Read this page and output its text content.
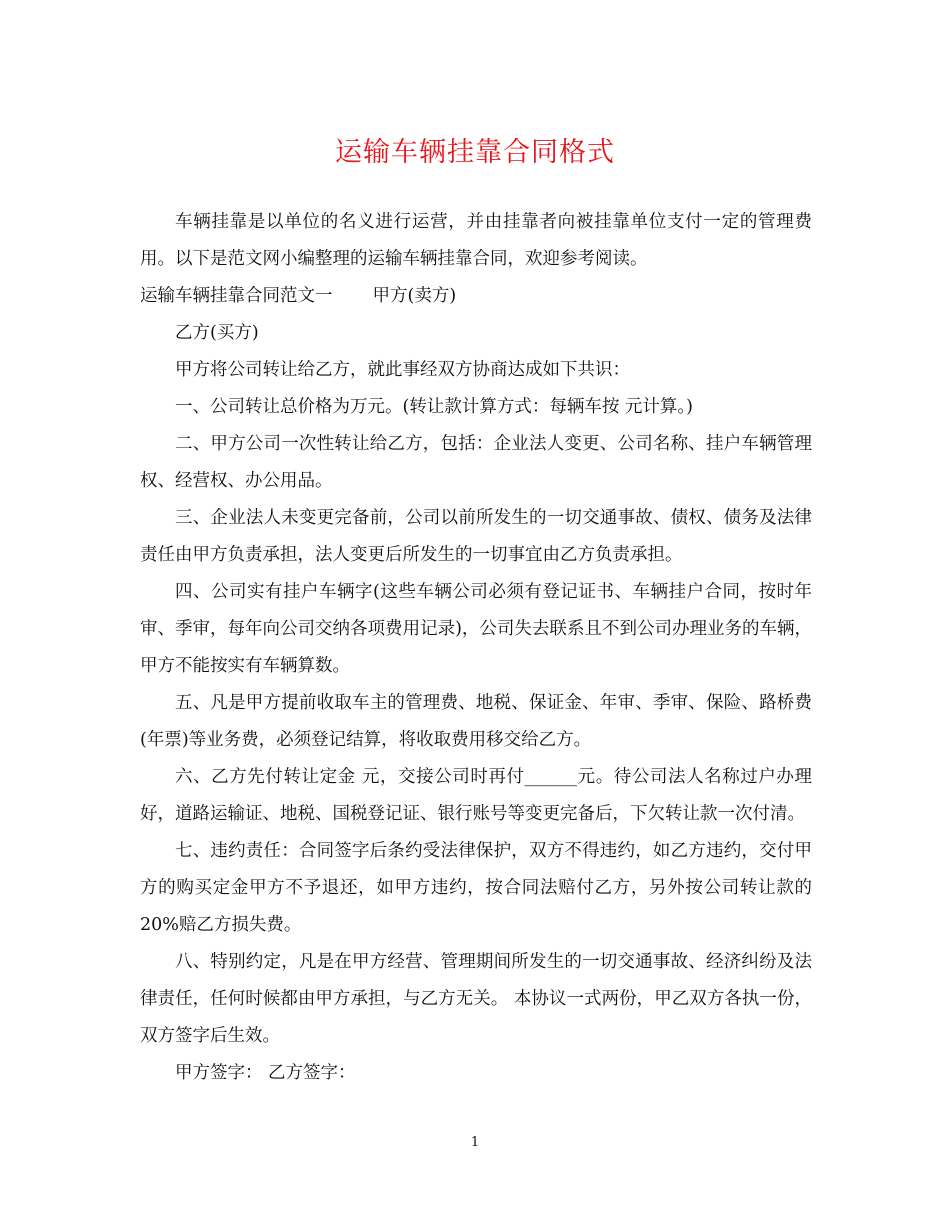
运输车辆挂靠合同格式

车辆挂靠是以单位的名义进行运营，并由挂靠者向被挂靠单位支付一定的管理费用。以下是范文网小编整理的运输车辆挂靠合同，欢迎参考阅读。

运输车辆挂靠合同范文一 甲方(卖方)

乙方(买方)

甲方将公司转让给乙方，就此事经双方协商达成如下共识：

一、公司转让总价格为万元。(转让款计算方式：每辆车按 元计算。)

二、甲方公司一次性转让给乙方，包括：企业法人变更、公司名称、挂户车辆管理权、经营权、办公用品。

三、企业法人未变更完备前，公司以前所发生的一切交通事故、债权、债务及法律责任由甲方负责承担，法人变更后所发生的一切事宜由乙方负责承担。

四、公司实有挂户车辆字(这些车辆公司必须有登记证书、车辆挂户合同，按时年审、季审，每年向公司交纳各项费用记录)，公司失去联系且不到公司办理业务的车辆，甲方不能按实有车辆算数。

五、凡是甲方提前收取车主的管理费、地税、保证金、年审、季审、保险、路桥费(年票)等业务费，必须登记结算，将收取费用移交给乙方。

六、乙方先付转让定金 元，交接公司时再付______元。待公司法人名称过户办理好，道路运输证、地税、国税登记证、银行账号等变更完备后，下欠转让款一次付清。

七、违约责任：合同签字后条约受法律保护，双方不得违约，如乙方违约，交付甲方的购买定金甲方不予退还，如甲方违约，按合同法赔付乙方，另外按公司转让款的20%赔乙方损失费。

八、特别约定，凡是在甲方经营、管理期间所发生的一切交通事故、经济纠纷及法律责任，任何时候都由甲方承担，与乙方无关。 本协议一式两份，甲乙双方各执一份，双方签字后生效。

甲方签字： 乙方签字：

1
